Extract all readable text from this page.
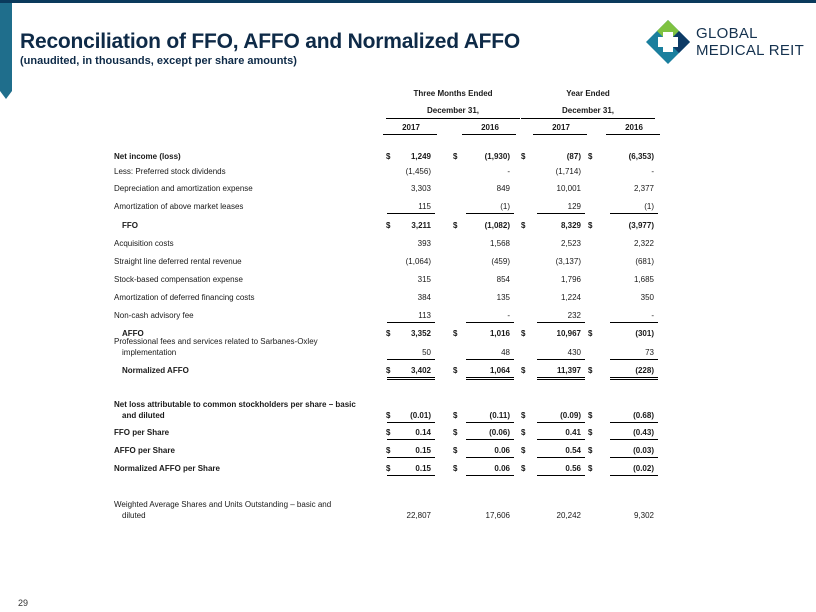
Reconciliation of FFO, AFFO and Normalized AFFO
(unaudited, in thousands, except per share amounts)
GLOBAL
MEDICAL REIT
Three Months Ended
December 31,
Year Ended
December 31,
2017	2016	2017	2016
Net income (loss)	$	1,249	$	(1,930) $	(87) $	(6,353)
Less: Preferred stock dividends	(1,456)	-	(1,714)	-
Depreciation and amortization expense	3,303	849	10,001	2,377
Amortization of above market leases	115	(1)	129	(1)
FFO	$	3,211	$	(1,082) $	8,329 $	(3,977)
Acquisition costs	393	1,568	2,523	2,322
Straight line deferred rental revenue	(1,064)	(459)	(3,137)	(681)
Stock-based compensation expense	315	854	1,796	1,685
Amortization of deferred financing costs	384	135	1,224	350
Non-cash advisory fee	113	-	232	-
AFFO	$	3,352	$	1,016 $	10,967 $	(301)
Professional fees and services related to Sarbanes-Oxley
implementation	50	48	430	73
Normalized AFFO	$	3,402	$	1,064 $	11,397 $	(228)
Net loss attributable to common stockholders per share – basic
and diluted	$	(0.01)	$	(0.11) $	(0.09) $	(0.68)
FFO per Share	$	0.14	$	(0.06) $	0.41 $	(0.43)
AFFO per Share	$	0.15	$	0.06 $	0.54 $	(0.03)
Normalized AFFO per Share	$	0.15	$	0.06 $	0.56 $	(0.02)
Weighted Average Shares and Units Outstanding – basic and
diluted	22,807	17,606	20,242	9,302
29
